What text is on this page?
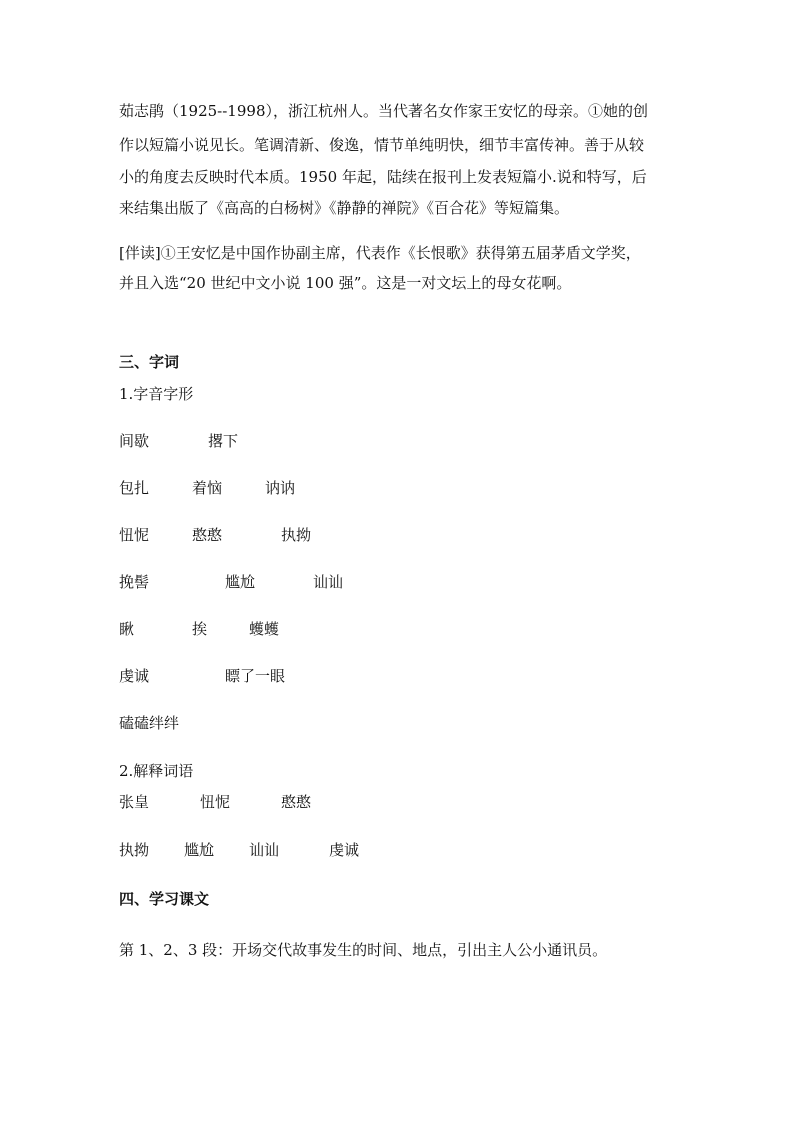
茹志鹃（1925--1998），浙江杭州人。当代著名女作家王安忆的母亲。①她的创
作以短篇小说见长。笔调清新、俊逸，情节单纯明快，细节丰富传神。善于从较
小的角度去反映时代本质。1950 年起，陆续在报刊上发表短篇小.说和特写，后
来结集出版了《高高的白杨树》《静静的禅院》《百合花》等短篇集。
[伴读]①王安忆是中国作协副主席，代表作《长恨歌》获得第五届茅盾文学奖，
并且入选“20 世纪中文小说 100 强”。这是一对文坛上的母女花啊。
三、字词
1.字音字形
间歇	撂下
包扎	着恼	讷讷
忸怩	憨憨	执拗
挽髻	尴尬	讪讪
瞅	挨	蠖蠖
虔诚	瞟了一眼
磕磕绊绊
2.解释词语
张皇	忸怩	憨憨
执拗 尴尬 讪讪	虔诚
四、学习课文
第 1、2、3 段：开场交代故事发生的时间、地点，引出主人公小通讯员。
